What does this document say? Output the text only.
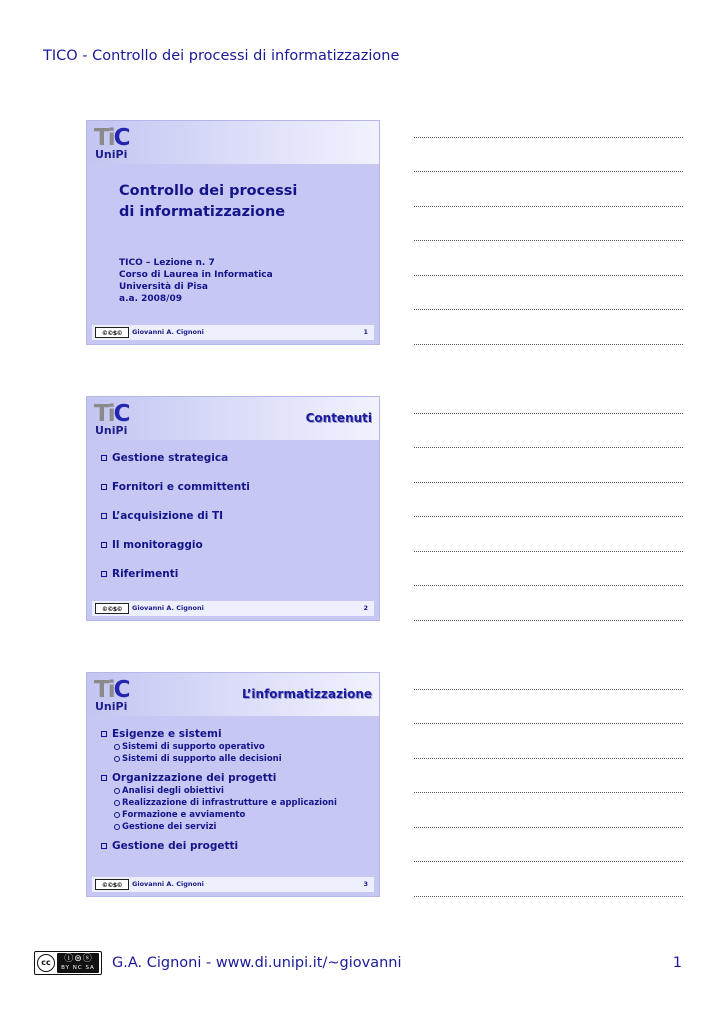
TICO - Controllo dei processi di informatizzazione
TiC
UniPi
Controllo dei processi
di informatizzazione
TICO – Lezione n. 7
Corso di Laurea in Informatica
Università di Pisa
a.a. 2008/09
©©$©	Giovanni A. Cignoni	1
TiC
UniPi
Contenuti
Gestione strategica
Fornitori e committenti
L’acquisizione di TI
Il monitoraggio
Riferimenti
©©$©	Giovanni A. Cignoni	2
TiC
UniPi
L’informatizzazione
Esigenze e sistemi
Sistemi di supporto operativo
Sistemi di supporto alle decisioni
Organizzazione dei progetti
Analisi degli obiettivi
Realizzazione di infrastrutture e applicazioni
Formazione e avviamento
Gestione dei servizi
Gestione dei progetti
©©$©	Giovanni A. Cignoni	3
cc	ⓘ⊜ⓢ
BY NC SA G.A. Cignoni - www.di.unipi.it/~giovanni	1
